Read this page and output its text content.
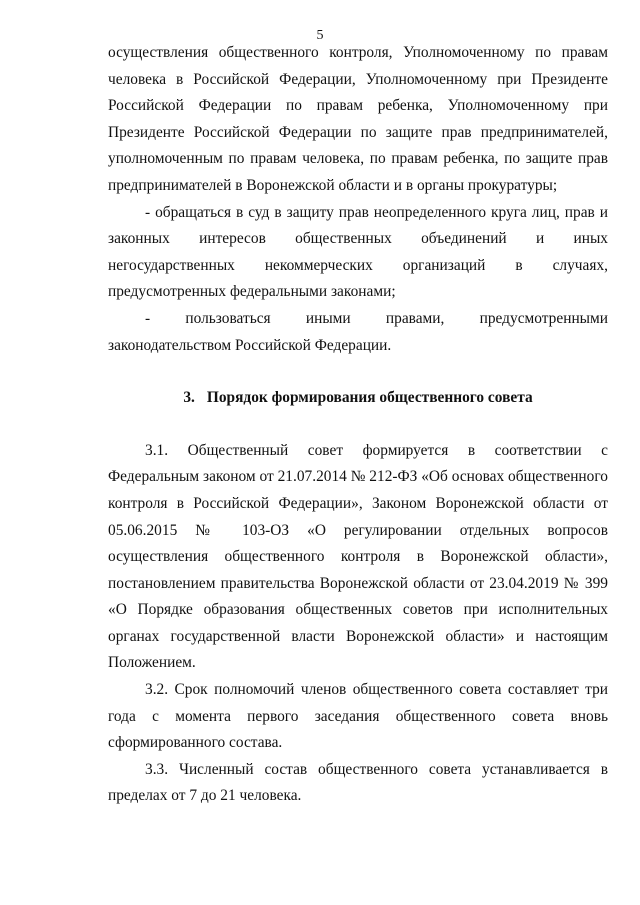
5

осуществления общественного контроля, Уполномоченному по правам человека в Российской Федерации, Уполномоченному при Президенте Российской Федерации по правам ребенка, Уполномоченному при Президенте Российской Федерации по защите прав предпринимателей, уполномоченным по правам человека, по правам ребенка, по защите прав предпринимателей в Воронежской области и в органы прокуратуры;

- обращаться в суд в защиту прав неопределенного круга лиц, прав и законных интересов общественных объединений и иных негосударственных некоммерческих организаций в случаях, предусмотренных федеральными законами;

- пользоваться иными правами, предусмотренными законодательством Российской Федерации.

3. Порядок формирования общественного совета

3.1. Общественный совет формируется в соответствии с Федеральным законом от 21.07.2014 № 212-ФЗ «Об основах общественного контроля в Российской Федерации», Законом Воронежской области от 05.06.2015 № 103-ОЗ «О регулировании отдельных вопросов осуществления общественного контроля в Воронежской области», постановлением правительства Воронежской области от 23.04.2019 № 399 «О Порядке образования общественных советов при исполнительных органах государственной власти Воронежской области» и настоящим Положением.

3.2. Срок полномочий членов общественного совета составляет три года с момента первого заседания общественного совета вновь сформированного состава.

3.3. Численный состав общественного совета устанавливается в пределах от 7 до 21 человека.
